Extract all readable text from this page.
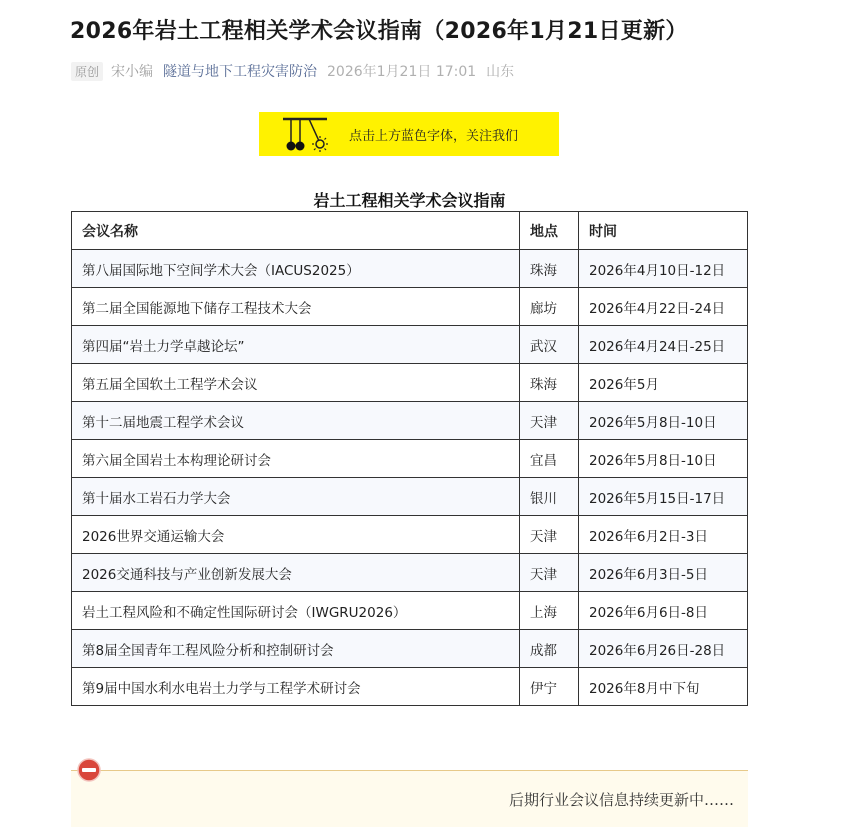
2026年岩土工程相关学术会议指南（2026年1月21日更新）
原创 宋小编 隧道与地下工程灾害防治 2026年1月21日 17:01 山东
点击上方蓝色字体，关注我们
岩土工程相关学术会议指南
会议名称	地点	时间
第八届国际地下空间学术大会（IACUS2025）	珠海	2026年4月10日-12日
第二届全国能源地下储存工程技术大会	廊坊	2026年4月22日-24日
第四届“岩土力学卓越论坛”	武汉	2026年4月24日-25日
第五届全国软土工程学术会议	珠海	2026年5月
第十二届地震工程学术会议	天津	2026年5月8日-10日
第六届全国岩土本构理论研讨会	宜昌	2026年5月8日-10日
第十届水工岩石力学大会	银川	2026年5月15日-17日
2026世界交通运输大会	天津	2026年6月2日-3日
2026交通科技与产业创新发展大会	天津	2026年6月3日-5日
岩土工程风险和不确定性国际研讨会（IWGRU2026）	上海	2026年6月6日-8日
第8届全国青年工程风险分析和控制研讨会	成都	2026年6月26日-28日
第9届中国水利水电岩土力学与工程学术研讨会	伊宁	2026年8月中下旬
后期行业会议信息持续更新中……
